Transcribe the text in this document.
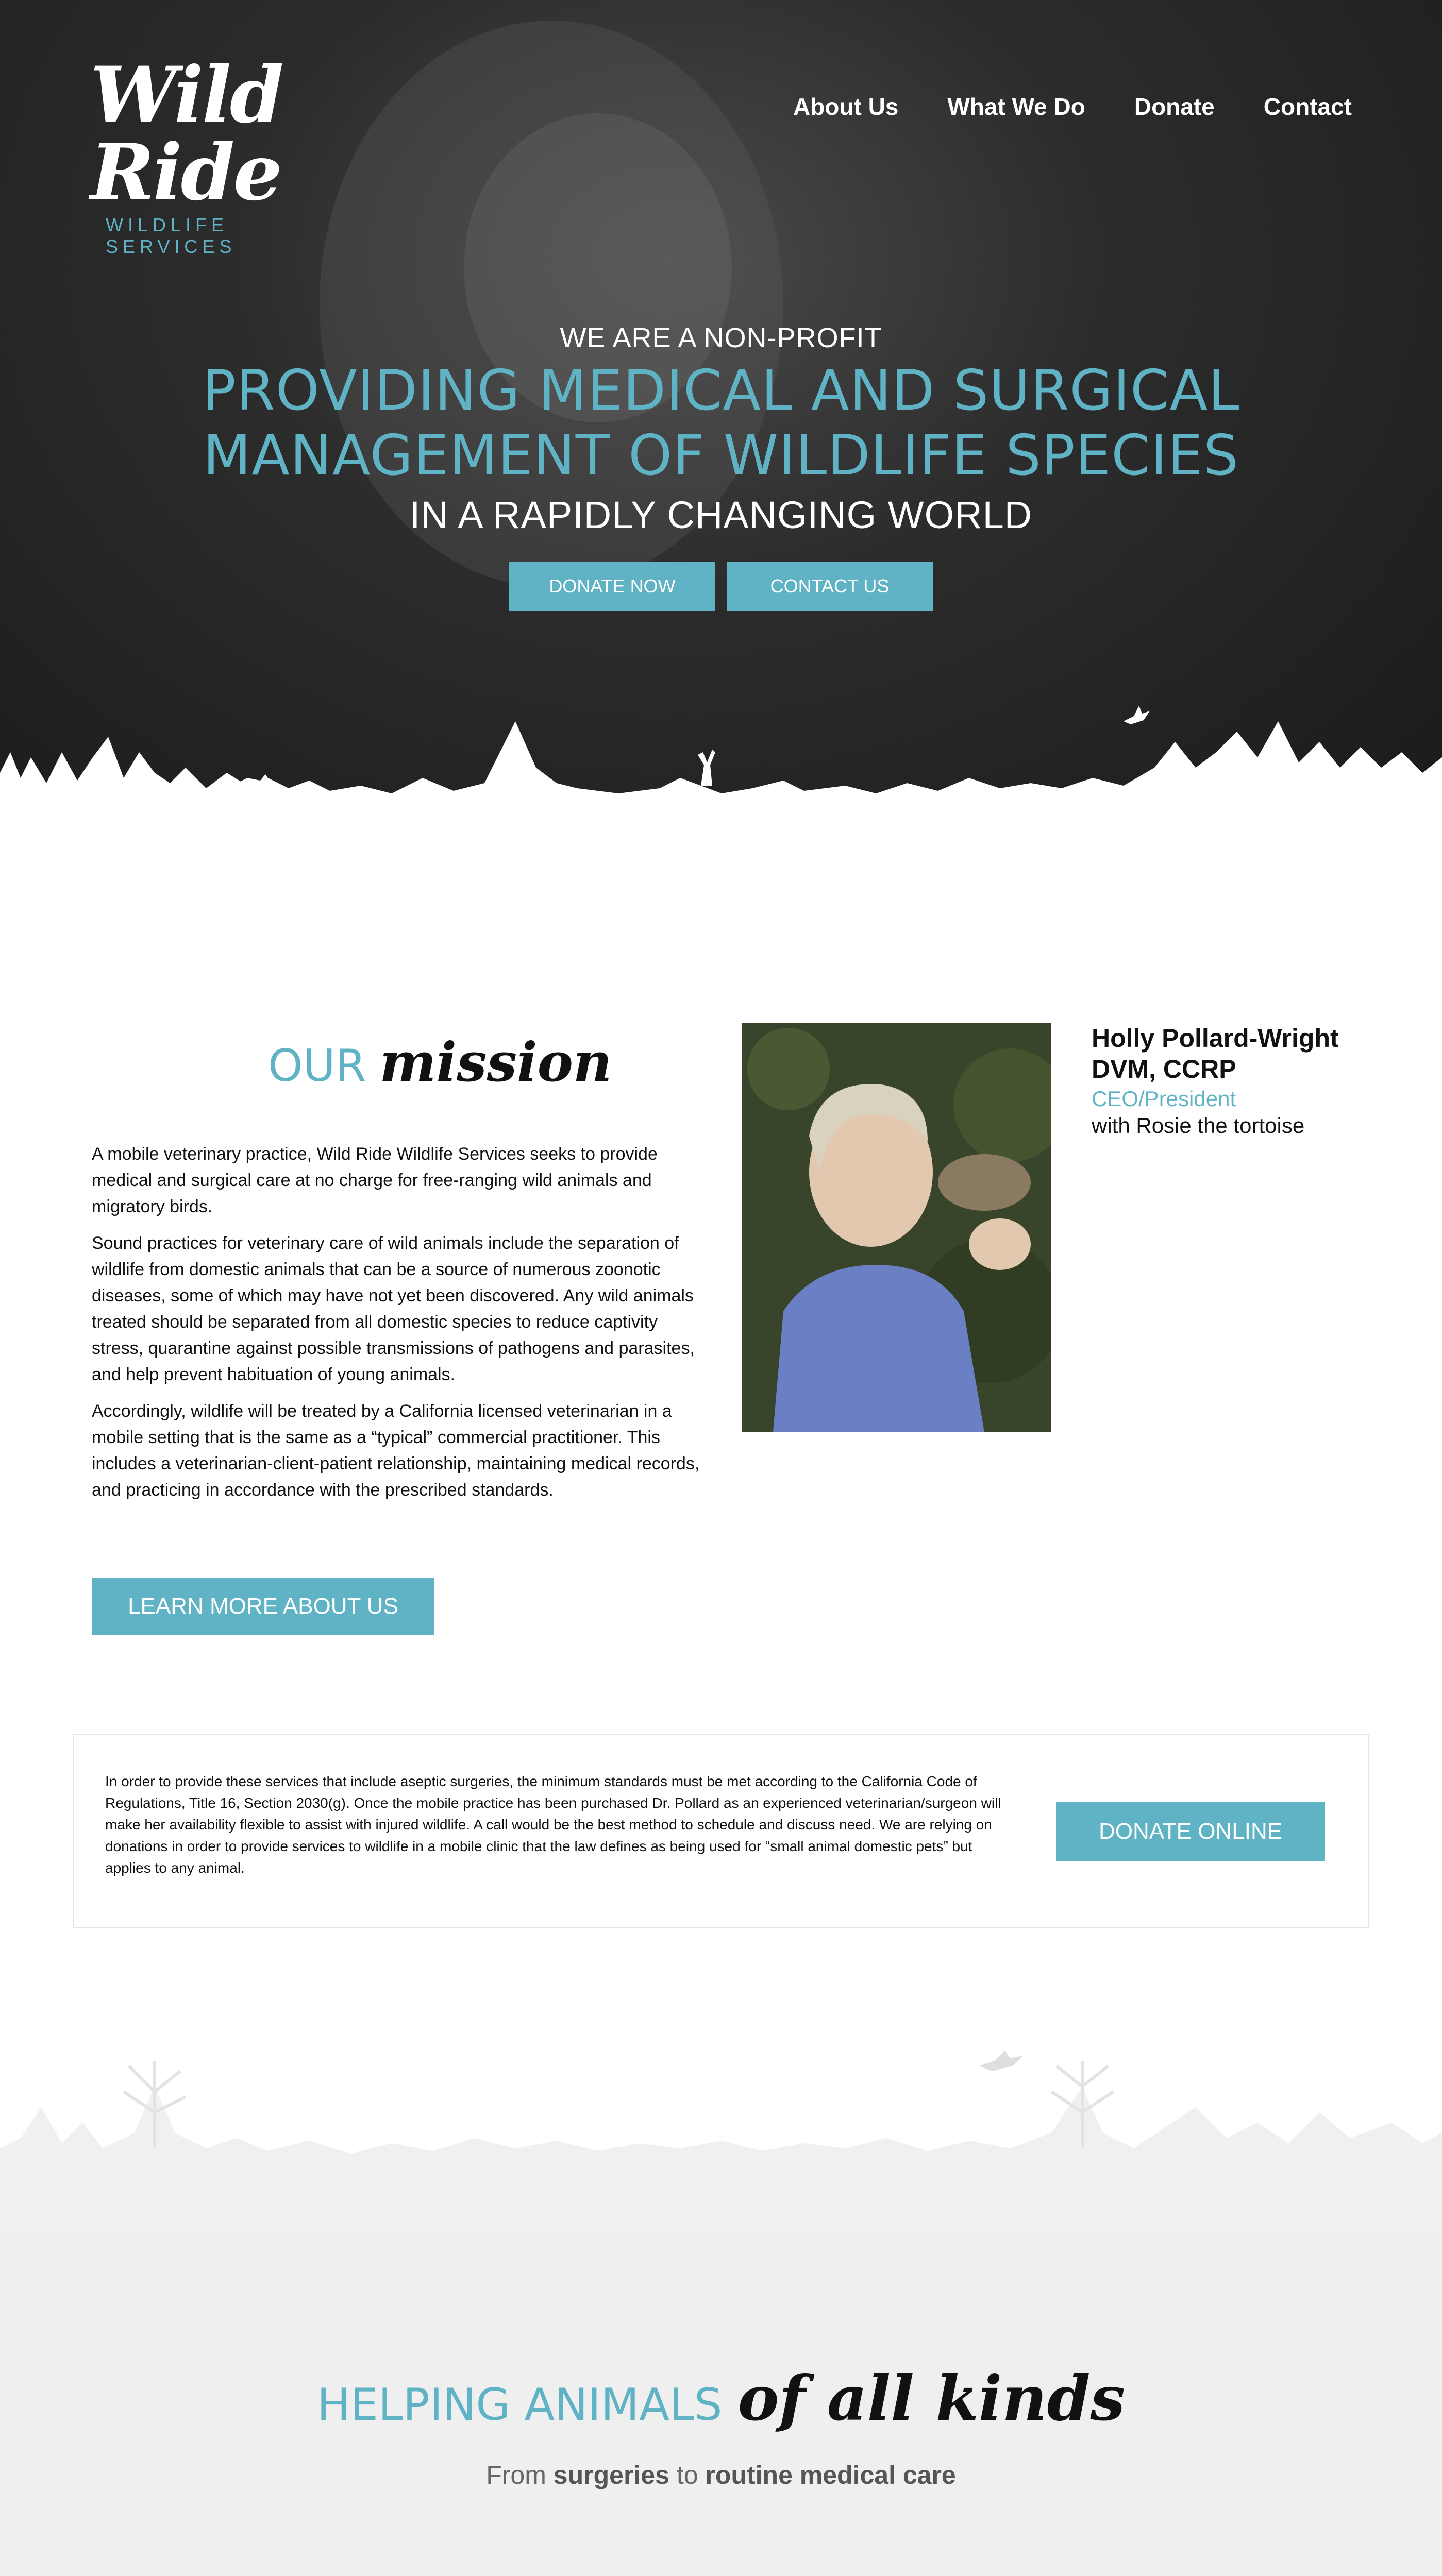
Wild Ride
WILDLIFE SERVICES
About Us What We Do Donate Contact
WE ARE A NON-PROFIT
PROVIDING MEDICAL AND SURGICAL
MANAGEMENT OF WILDLIFE SPECIES
IN A RAPIDLY CHANGING WORLD
DONATE NOW	CONTACT US
OUR mission

A mobile veterinary practice, Wild Ride Wildlife Services seeks to provide medical and surgical care at no charge for free-ranging wild animals and migratory birds.

Sound practices for veterinary care of wild animals include the separation of wildlife from domestic animals that can be a source of numerous zoonotic diseases, some of which may have not yet been discovered. Any wild animals treated should be separated from all domestic species to reduce captivity stress, quarantine against possible transmissions of pathogens and parasites, and help prevent habituation of young animals.

Accordingly, wildlife will be treated by a California licensed veterinarian in a mobile setting that is the same as a “typical” commercial practitioner. This includes a veterinarian-client-patient relationship, maintaining medical records, and practicing in accordance with the prescribed standards.

LEARN MORE ABOUT US
Holly Pollard-Wright
DVM, CCRP
CEO/President
with Rosie the tortoise
In order to provide these services that include aseptic surgeries, the minimum standards must be met according to the California Code of Regulations, Title 16, Section 2030(g). Once the mobile practice has been purchased Dr. Pollard as an experienced veterinarian/surgeon will make her availability flexible to assist with injured wildlife. A call would be the best method to schedule and discuss need. We are relying on donations in order to provide services to wildlife in a mobile clinic that the law defines as being used for “small animal domestic pets” but applies to any animal.
DONATE ONLINE
HELPING ANIMALS of all kinds
From surgeries to routine medical care
